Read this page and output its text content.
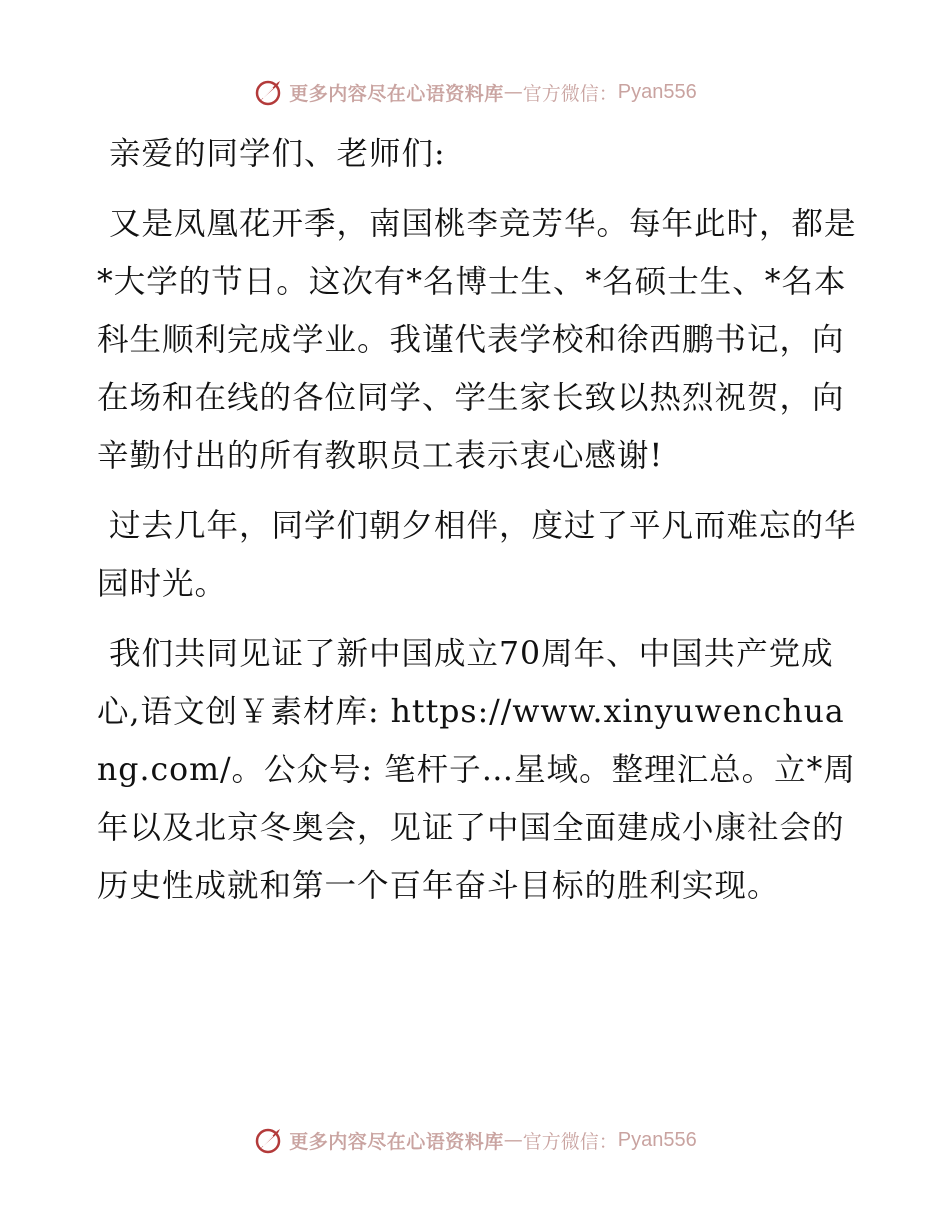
更多内容尽在心语资料库 — 官方微信： Pyan556

亲爱的同学们、老师们:

又是凤凰花开季，南国桃李竞芳华。每年此时，都是*大学的节日。这次有*名博士生、*名硕士生、*名本科生顺利完成学业。我谨代表学校和徐西鹏书记，向在场和在线的各位同学、学生家长致以热烈祝贺，向辛勤付出的所有教职员工表示衷心感谢!

过去几年，同学们朝夕相伴，度过了平凡而难忘的华园时光。

我们共同见证了新中国成立70周年、中国共产党成心,语文创￥素材库: https://www.xinyuwenchuang.com/。公众号: 笔杆子…星域。整理汇总。立*周年以及北京冬奥会，见证了中国全面建成小康社会的历史性成就和第一个百年奋斗目标的胜利实现。

更多内容尽在心语资料库 — 官方微信： Pyan556
